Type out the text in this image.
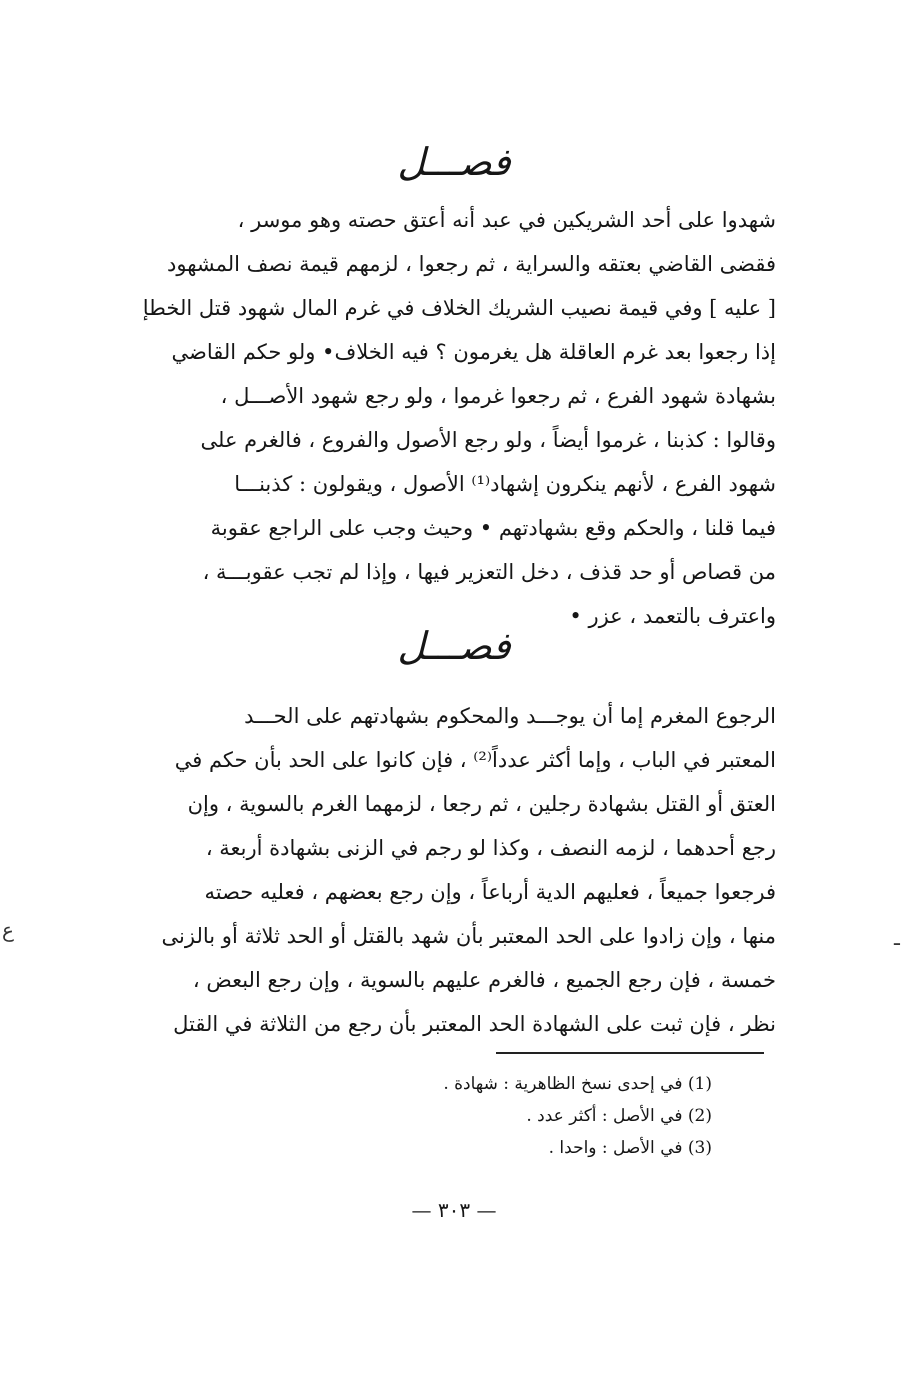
فصـــل
شهدوا على أحد الشريكين في عبد أنه أعتق حصته وهو موسر ،
فقضى القاضي بعتقه والسراية ، ثم رجعوا ، لزمهم قيمة نصف المشهود
[ عليه ] وفي قيمة نصيب الشريك الخلاف في غرم المال شهود قتل الخطإ
إذا رجعوا بعد غرم العاقلة هل يغرمون ؟ فيه الخلاف• ولو حكم القاضي
بشهادة شهود الفرع ، ثم رجعوا غرموا ، ولو رجع شهود الأصـــل ،
وقالوا : كذبنا ، غرموا أيضاً ، ولو رجع الأصول والفروع ، فالغرم على
شهود الفرع ، لأنهم ينكرون إشهاد⁽¹⁾ الأصول ، ويقولون : كذبنـــا
فيما قلنا ، والحكم وقع بشهادتهم • وحيث وجب على الراجع عقوبة
من قصاص أو حد قذف ، دخل التعزير فيها ، وإذا لم تجب عقوبـــة ،
واعترف بالتعمد ، عزر •
فصـــل
الرجوع المغرم إما أن يوجـــد والمحكوم بشهادتهم على الحـــد
المعتبر في الباب ، وإما أكثر عدداً⁽²⁾ ، فإن كانوا على الحد بأن حكم في
العتق أو القتل بشهادة رجلين ، ثم رجعا ، لزمهما الغرم بالسوية ، وإن
رجع أحدهما ، لزمه النصف ، وكذا لو رجم في الزنى بشهادة أربعة ،
فرجعوا جميعاً ، فعليهم الدية أرباعاً ، وإن رجع بعضهم ، فعليه حصته
منها ، وإن زادوا على الحد المعتبر بأن شهد بالقتل أو الحد ثلاثة أو بالزنى
خمسة ، فإن رجع الجميع ، فالغرم عليهم بالسوية ، وإن رجع البعض ،
نظر ، فإن ثبت على الشهادة الحد المعتبر بأن رجع من الثلاثة في القتل
(1) في إحدى نسخ الظاهرية : شهادة .
(2) في الأصل : أكثر عدد .
(3) في الأصل : واحدا .
— ٣٠٣ —
ع	ـ
